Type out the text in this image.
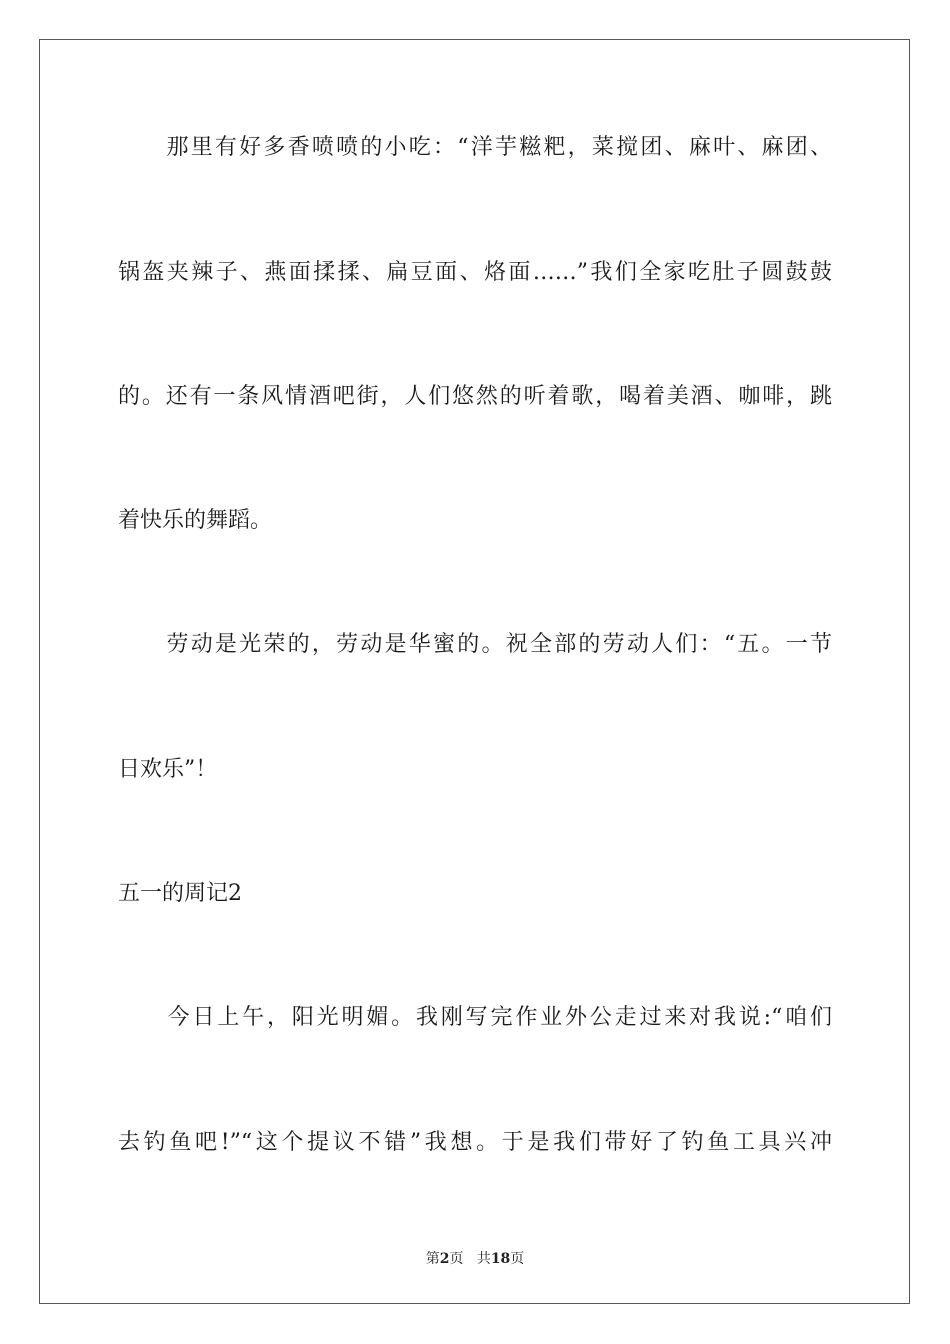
　　那里有好多香喷喷的小吃：“洋芋糍粑，菜搅团、麻叶、麻团、
锅盔夹辣子、燕面揉揉、扁豆面、烙面……”我们全家吃肚子圆鼓鼓
的。还有一条风情酒吧街，人们悠然的听着歌，喝着美酒、咖啡，跳
着快乐的舞蹈。
　　劳动是光荣的，劳动是华蜜的。祝全部的劳动人们：“五。一节
日欢乐”！
五一的周记2
　　今日上午，阳光明媚。我刚写完作业外公走过来对我说:“咱们
去钓鱼吧!”“这个提议不错”我想。于是我们带好了钓鱼工具兴冲
第2页 共18页
